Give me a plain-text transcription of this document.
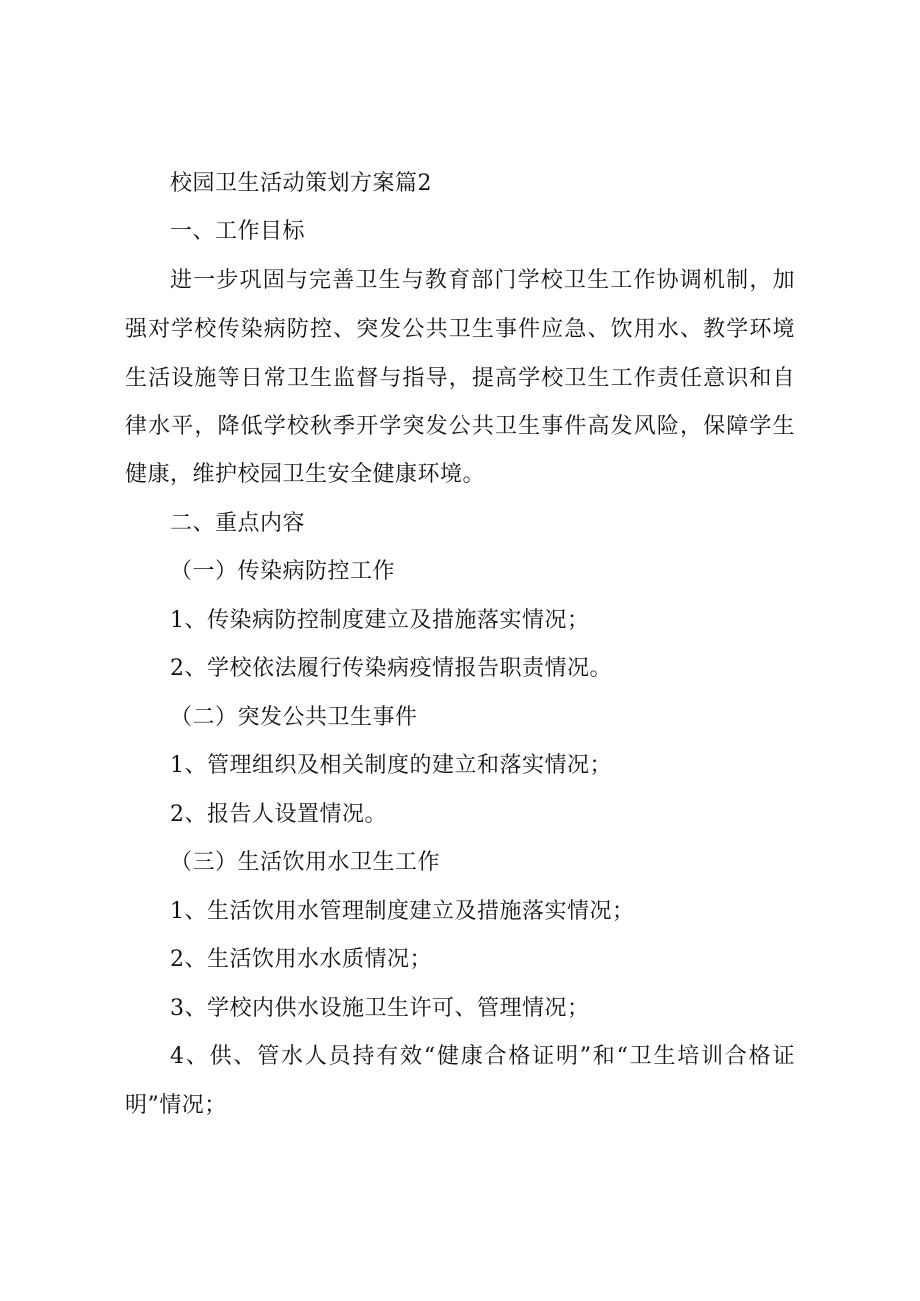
校园卫生活动策划方案篇2
一、工作目标
进一步巩固与完善卫生与教育部门学校卫生工作协调机制，加
强对学校传染病防控、突发公共卫生事件应急、饮用水、教学环境
生活设施等日常卫生监督与指导，提高学校卫生工作责任意识和自
律水平，降低学校秋季开学突发公共卫生事件高发风险，保障学生
健康，维护校园卫生安全健康环境。
二、重点内容
（一）传染病防控工作
1、传染病防控制度建立及措施落实情况；
2、学校依法履行传染病疫情报告职责情况。
（二）突发公共卫生事件
1、管理组织及相关制度的建立和落实情况；
2、报告人设置情况。
（三）生活饮用水卫生工作
1、生活饮用水管理制度建立及措施落实情况；
2、生活饮用水水质情况；
3、学校内供水设施卫生许可、管理情况；
4、供、管水人员持有效“健康合格证明”和“卫生培训合格证
明”情况；
